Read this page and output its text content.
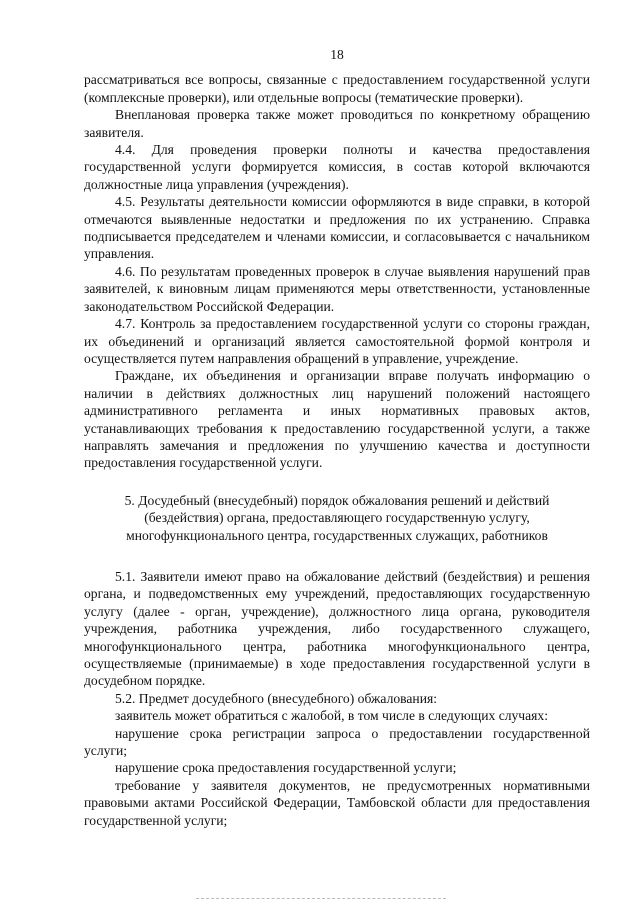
18

рассматриваться все вопросы, связанные с предоставлением государственной услуги (комплексные проверки), или отдельные вопросы (тематические проверки).

Внеплановая проверка также может проводиться по конкретному обращению заявителя.

4.4. Для проведения проверки полноты и качества предоставления государственной услуги формируется комиссия, в состав которой включаются должностные лица управления (учреждения).

4.5. Результаты деятельности комиссии оформляются в виде справки, в которой отмечаются выявленные недостатки и предложения по их устранению. Справка подписывается председателем и членами комиссии, и согласовывается с начальником управления.

4.6. По результатам проведенных проверок в случае выявления нарушений прав заявителей, к виновным лицам применяются меры ответственности, установленные законодательством Российской Федерации.

4.7. Контроль за предоставлением государственной услуги со стороны граждан, их объединений и организаций является самостоятельной формой контроля и осуществляется путем направления обращений в управление, учреждение.

Граждане, их объединения и организации вправе получать информацию о наличии в действиях должностных лиц нарушений положений настоящего административного регламента и иных нормативных правовых актов, устанавливающих требования к предоставлению государственной услуги, а также направлять замечания и предложения по улучшению качества и доступности предоставления государственной услуги.

5. Досудебный (внесудебный) порядок обжалования решений и действий (бездействия) органа, предоставляющего государственную услугу, многофункционального центра, государственных служащих, работников

5.1. Заявители имеют право на обжалование действий (бездействия) и решения органа, и подведомственных ему учреждений, предоставляющих государственную услугу (далее - орган, учреждение), должностного лица органа, руководителя учреждения, работника учреждения, либо государственного служащего, многофункционального центра, работника многофункционального центра, осуществляемые (принимаемые) в ходе предоставления государственной услуги в досудебном порядке.

5.2. Предмет досудебного (внесудебного) обжалования:

заявитель может обратиться с жалобой, в том числе в следующих случаях:

нарушение срока регистрации запроса о предоставлении государственной услуги;

нарушение срока предоставления государственной услуги;

требование у заявителя документов, не предусмотренных нормативными правовыми актами Российской Федерации, Тамбовской области для предоставления государственной услуги;
